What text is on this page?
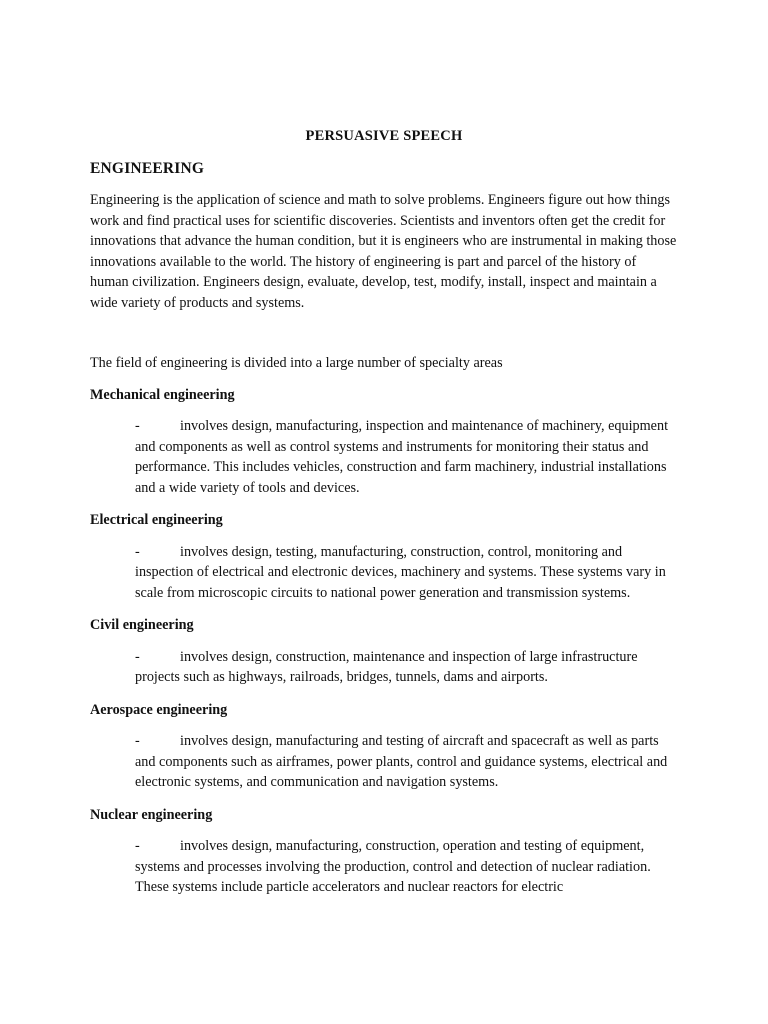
PERSUASIVE SPEECH
ENGINEERING

Engineering is the application of science and math to solve problems. Engineers figure out how things work and find practical uses for scientific discoveries. Scientists and inventors often get the credit for innovations that advance the human condition, but it is engineers who are instrumental in making those innovations available to the world. The history of engineering is part and parcel of the history of human civilization. Engineers design, evaluate, develop, test, modify, install, inspect and maintain a wide variety of products and systems.

The field of engineering is divided into a large number of specialty areas

Mechanical engineering

-	involves design, manufacturing, inspection and maintenance of machinery, equipment and components as well as control systems and instruments for monitoring their status and performance. This includes vehicles, construction and farm machinery, industrial installations and a wide variety of tools and devices.

Electrical engineering

-	involves design, testing, manufacturing, construction, control, monitoring and inspection of electrical and electronic devices, machinery and systems. These systems vary in scale from microscopic circuits to national power generation and transmission systems.

Civil engineering

-	involves design, construction, maintenance and inspection of large infrastructure projects such as highways, railroads, bridges, tunnels, dams and airports.

Aerospace engineering

-	involves design, manufacturing and testing of aircraft and spacecraft as well as parts and components such as airframes, power plants, control and guidance systems, electrical and electronic systems, and communication and navigation systems.

Nuclear engineering

-	involves design, manufacturing, construction, operation and testing of equipment, systems and processes involving the production, control and detection of nuclear radiation. These systems include particle accelerators and nuclear reactors for electric
